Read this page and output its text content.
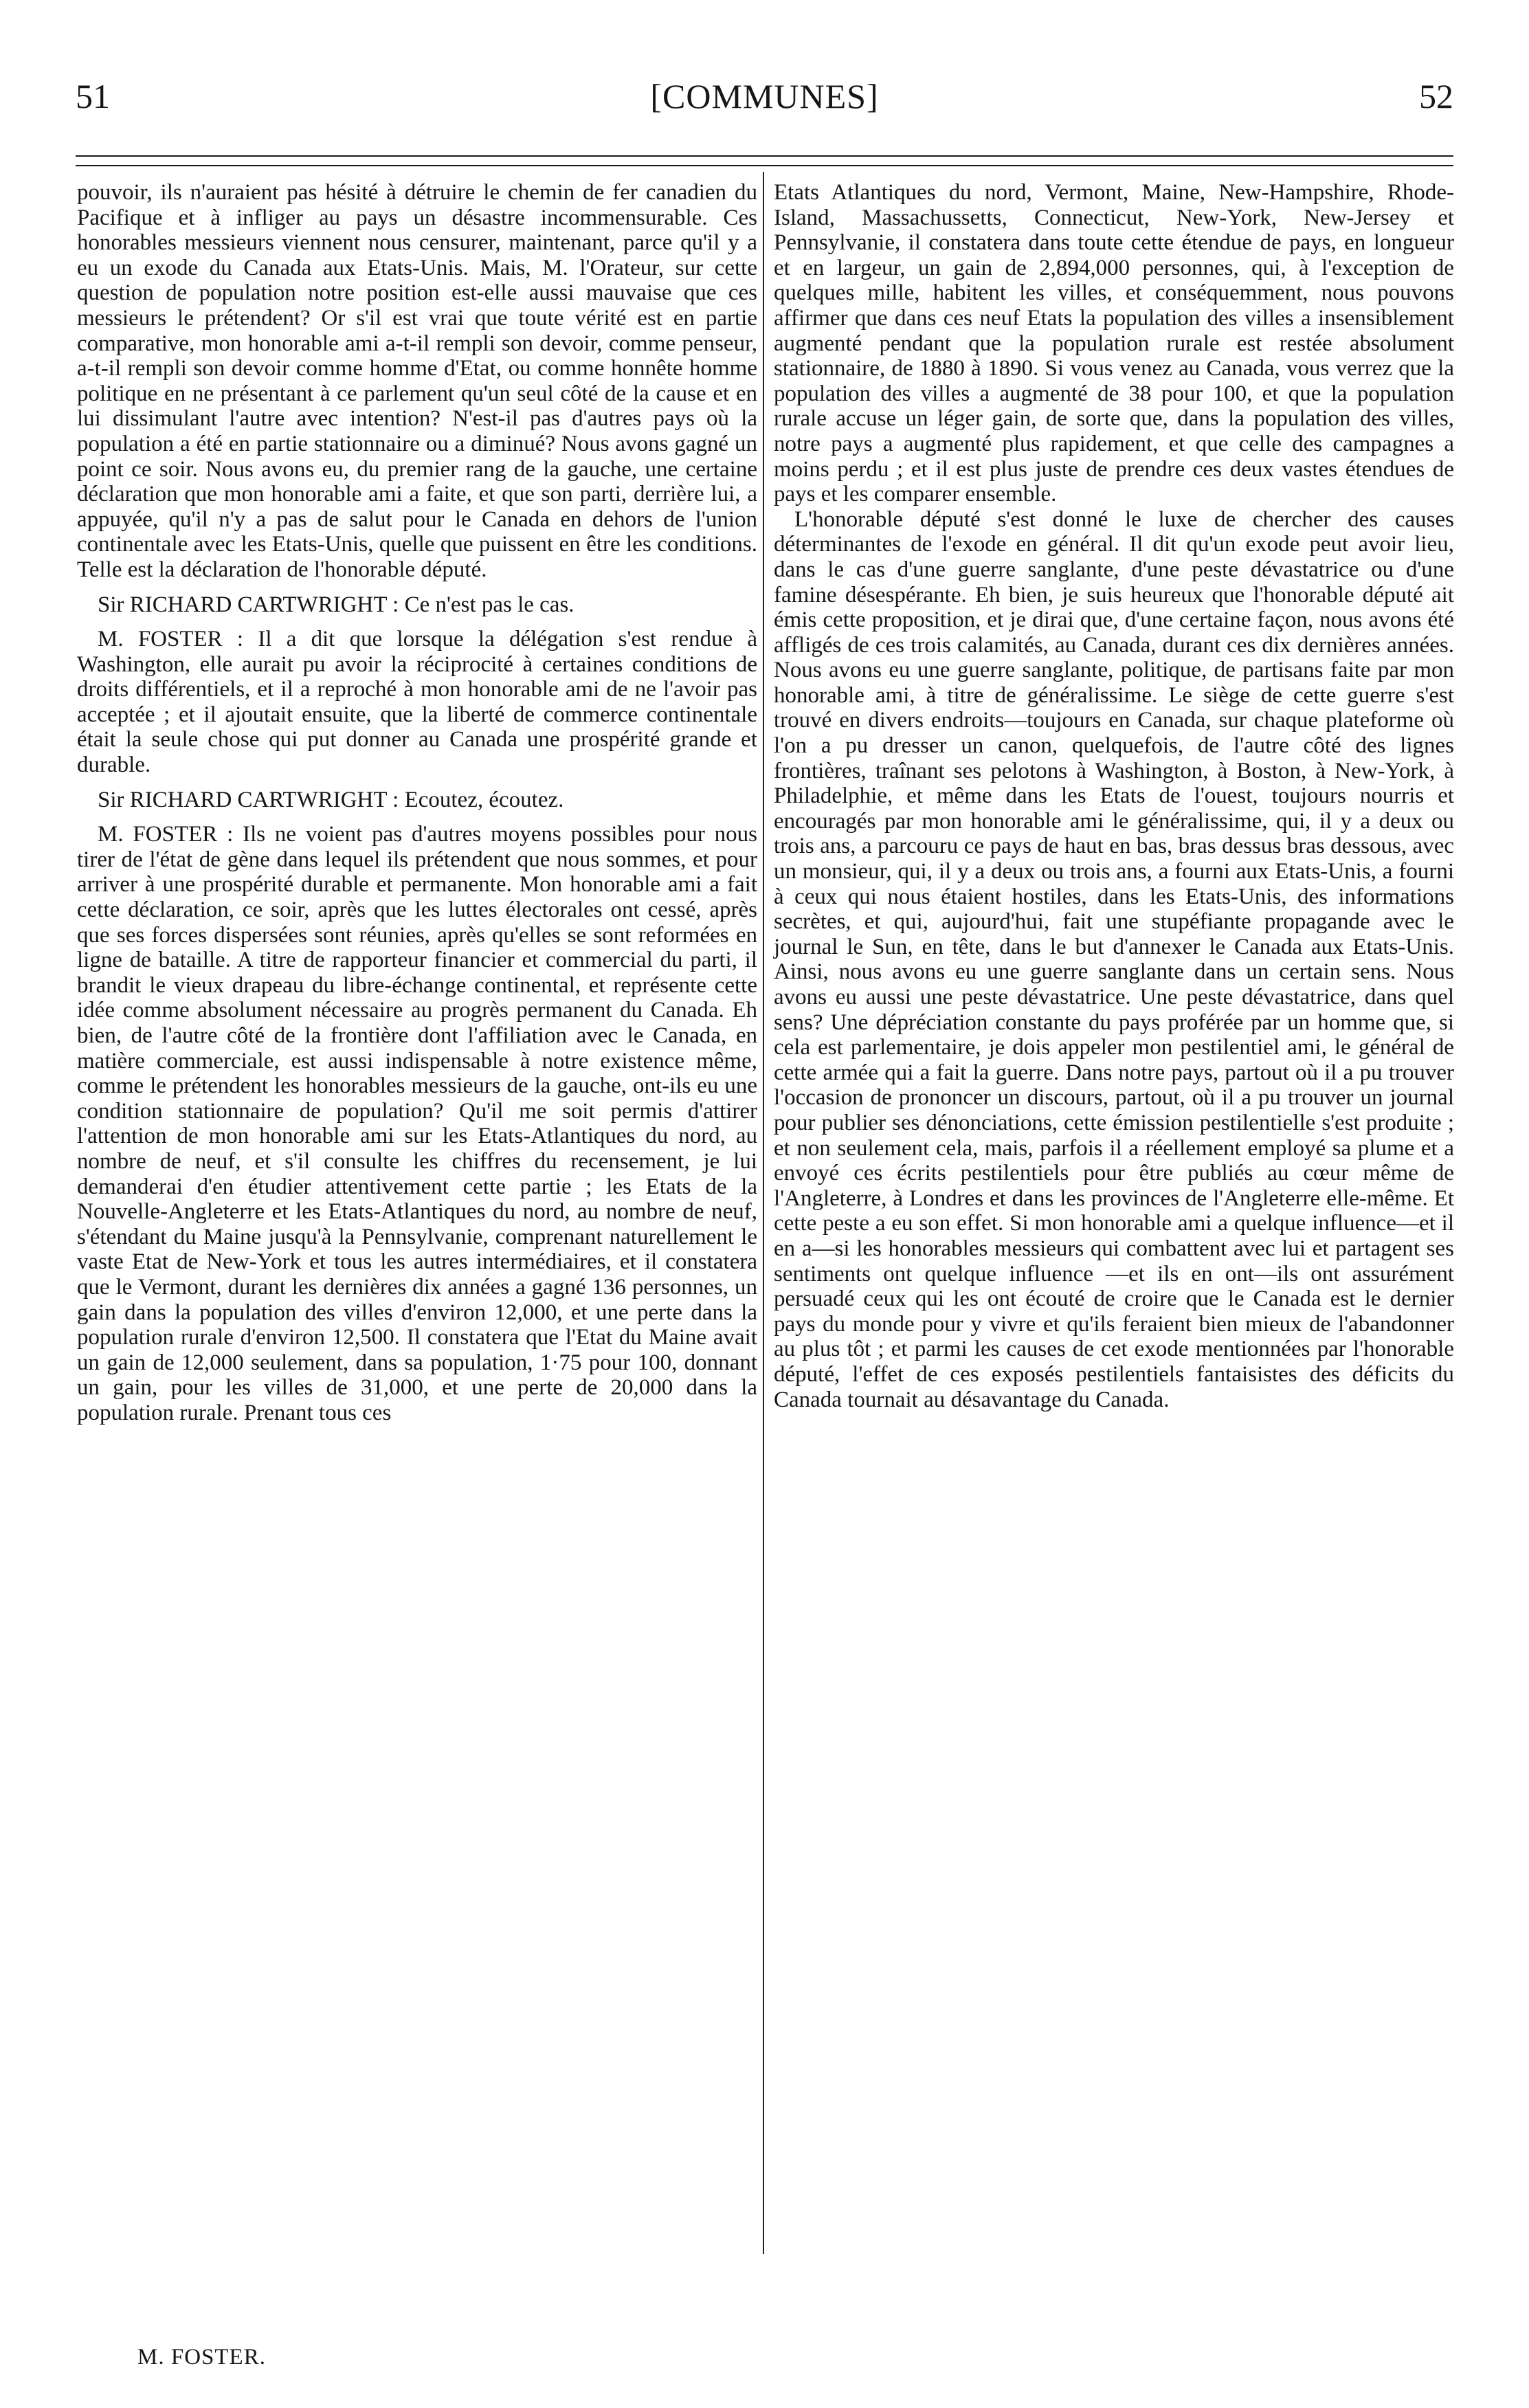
51	[COMMUNES]	52

pouvoir, ils n'auraient pas hésité à détruire le chemin de fer canadien du Pacifique et à infliger au pays un désastre incommensurable. Ces honorables messieurs viennent nous censurer, maintenant, parce qu'il y a eu un exode du Canada aux Etats-Unis. Mais, M. l'Orateur, sur cette question de population notre position est-elle aussi mauvaise que ces messieurs le prétendent? Or s'il est vrai que toute vérité est en partie comparative, mon honorable ami a-t-il rempli son devoir, comme penseur, a-t-il rempli son devoir comme homme d'Etat, ou comme honnête homme politique en ne présentant à ce parlement qu'un seul côté de la cause et en lui dissimulant l'autre avec intention? N'est-il pas d'autres pays où la population a été en partie stationnaire ou a diminué? Nous avons gagné un point ce soir. Nous avons eu, du premier rang de la gauche, une certaine déclaration que mon honorable ami a faite, et que son parti, derrière lui, a appuyée, qu'il n'y a pas de salut pour le Canada en dehors de l'union continentale avec les Etats-Unis, quelle que puissent en être les conditions. Telle est la déclaration de l'honorable député.

Sir RICHARD CARTWRIGHT : Ce n'est pas le cas.

M. FOSTER : Il a dit que lorsque la délégation s'est rendue à Washington, elle aurait pu avoir la réciprocité à certaines conditions de droits différentiels, et il a reproché à mon honorable ami de ne l'avoir pas acceptée ; et il ajoutait ensuite, que la liberté de commerce continentale était la seule chose qui put donner au Canada une prospérité grande et durable.

Sir RICHARD CARTWRIGHT : Ecoutez, écoutez.

M. FOSTER : Ils ne voient pas d'autres moyens possibles pour nous tirer de l'état de gène dans lequel ils prétendent que nous sommes, et pour arriver à une prospérité durable et permanente. Mon honorable ami a fait cette déclaration, ce soir, après que les luttes électorales ont cessé, après que ses forces dispersées sont réunies, après qu'elles se sont reformées en ligne de bataille. A titre de rapporteur financier et commercial du parti, il brandit le vieux drapeau du libre-échange continental, et représente cette idée comme absolument nécessaire au progrès permanent du Canada. Eh bien, de l'autre côté de la frontière dont l'affiliation avec le Canada, en matière commerciale, est aussi indispensable à notre existence même, comme le prétendent les honorables messieurs de la gauche, ont-ils eu une condition stationnaire de population? Qu'il me soit permis d'attirer l'attention de mon honorable ami sur les Etats-Atlantiques du nord, au nombre de neuf, et s'il consulte les chiffres du recensement, je lui demanderai d'en étudier attentivement cette partie ; les Etats de la Nouvelle-Angleterre et les Etats-Atlantiques du nord, au nombre de neuf, s'étendant du Maine jusqu'à la Pennsylvanie, comprenant naturellement le vaste Etat de New-York et tous les autres intermédiaires, et il constatera que le Vermont, durant les dernières dix années a gagné 136 personnes, un gain dans la population des villes d'environ 12,000, et une perte dans la population rurale d'environ 12,500. Il constatera que l'Etat du Maine avait un gain de 12,000 seulement, dans sa population, 1·75 pour 100, donnant un gain, pour les villes de 31,000, et une perte de 20,000 dans la population rurale. Prenant tous ces

Etats Atlantiques du nord, Vermont, Maine, New-Hampshire, Rhode-Island, Massachussetts, Connecticut, New-York, New-Jersey et Pennsylvanie, il constatera dans toute cette étendue de pays, en longueur et en largeur, un gain de 2,894,000 personnes, qui, à l'exception de quelques mille, habitent les villes, et conséquemment, nous pouvons affirmer que dans ces neuf Etats la population des villes a insensiblement augmenté pendant que la population rurale est restée absolument stationnaire, de 1880 à 1890. Si vous venez au Canada, vous verrez que la population des villes a augmenté de 38 pour 100, et que la population rurale accuse un léger gain, de sorte que, dans la population des villes, notre pays a augmenté plus rapidement, et que celle des campagnes a moins perdu ; et il est plus juste de prendre ces deux vastes étendues de pays et les comparer ensemble.

L'honorable député s'est donné le luxe de chercher des causes déterminantes de l'exode en général. Il dit qu'un exode peut avoir lieu, dans le cas d'une guerre sanglante, d'une peste dévastatrice ou d'une famine désespérante. Eh bien, je suis heureux que l'honorable député ait émis cette proposition, et je dirai que, d'une certaine façon, nous avons été affligés de ces trois calamités, au Canada, durant ces dix dernières années. Nous avons eu une guerre sanglante, politique, de partisans faite par mon honorable ami, à titre de généralissime. Le siège de cette guerre s'est trouvé en divers endroits—toujours en Canada, sur chaque plateforme où l'on a pu dresser un canon, quelquefois, de l'autre côté des lignes frontières, traînant ses pelotons à Washington, à Boston, à New-York, à Philadelphie, et même dans les Etats de l'ouest, toujours nourris et encouragés par mon honorable ami le généralissime, qui, il y a deux ou trois ans, a parcouru ce pays de haut en bas, bras dessus bras dessous, avec un monsieur, qui, il y a deux ou trois ans, a fourni aux Etats-Unis, a fourni à ceux qui nous étaient hostiles, dans les Etats-Unis, des informations secrètes, et qui, aujourd'hui, fait une stupéfiante propagande avec le journal le Sun, en tête, dans le but d'annexer le Canada aux Etats-Unis. Ainsi, nous avons eu une guerre sanglante dans un certain sens. Nous avons eu aussi une peste dévastatrice. Une peste dévastatrice, dans quel sens? Une dépréciation constante du pays proférée par un homme que, si cela est parlementaire, je dois appeler mon pestilentiel ami, le général de cette armée qui a fait la guerre. Dans notre pays, partout où il a pu trouver l'occasion de prononcer un discours, partout, où il a pu trouver un journal pour publier ses dénonciations, cette émission pestilentielle s'est produite ; et non seulement cela, mais, parfois il a réellement employé sa plume et a envoyé ces écrits pestilentiels pour être publiés au cœur même de l'Angleterre, à Londres et dans les provinces de l'Angleterre elle-même. Et cette peste a eu son effet. Si mon honorable ami a quelque influence—et il en a—si les honorables messieurs qui combattent avec lui et partagent ses sentiments ont quelque influence —et ils en ont—ils ont assurément persuadé ceux qui les ont écouté de croire que le Canada est le dernier pays du monde pour y vivre et qu'ils feraient bien mieux de l'abandonner au plus tôt ; et parmi les causes de cet exode mentionnées par l'honorable député, l'effet de ces exposés pestilentiels fantaisistes des déficits du Canada tournait au désavantage du Canada.

M. FOSTER.
